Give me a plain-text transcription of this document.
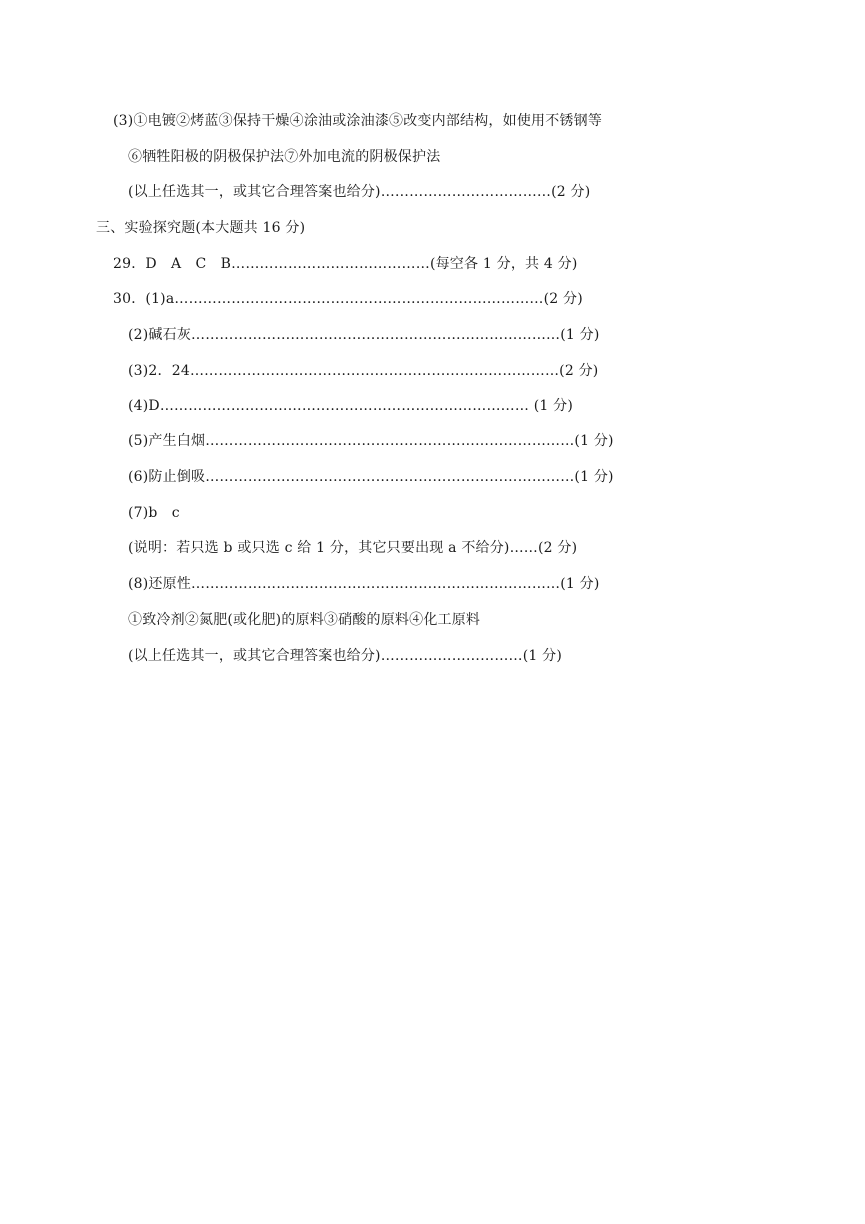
(3)①电镀②烤蓝③保持干燥④涂油或涂油漆⑤改变内部结构，如使用不锈钢等
⑥牺牲阳极的阴极保护法⑦外加电流的阴极保护法
(以上任选其一，或其它合理答案也给分)………………………………(2 分)
三、实验探究题(本大题共 16 分)
29．D　A　C　B……………………………………(每空各 1 分，共 4 分)
30．(1)a……………………………………………………………………(2 分)
(2)碱石灰……………………………………………………………………(1 分)
(3)2．24……………………………………………………………………(2 分)
(4)D…………………………………………………………………… (1 分)
(5)产生白烟……………………………………………………………………(1 分)
(6)防止倒吸……………………………………………………………………(1 分)
(7)b　c
(说明：若只选 b 或只选 c 给 1 分，其它只要出现 a 不给分)……(2 分)
(8)还原性……………………………………………………………………(1 分)
①致冷剂②氮肥(或化肥)的原料③硝酸的原料④化工原料
(以上任选其一，或其它合理答案也给分)…………………………(1 分)
